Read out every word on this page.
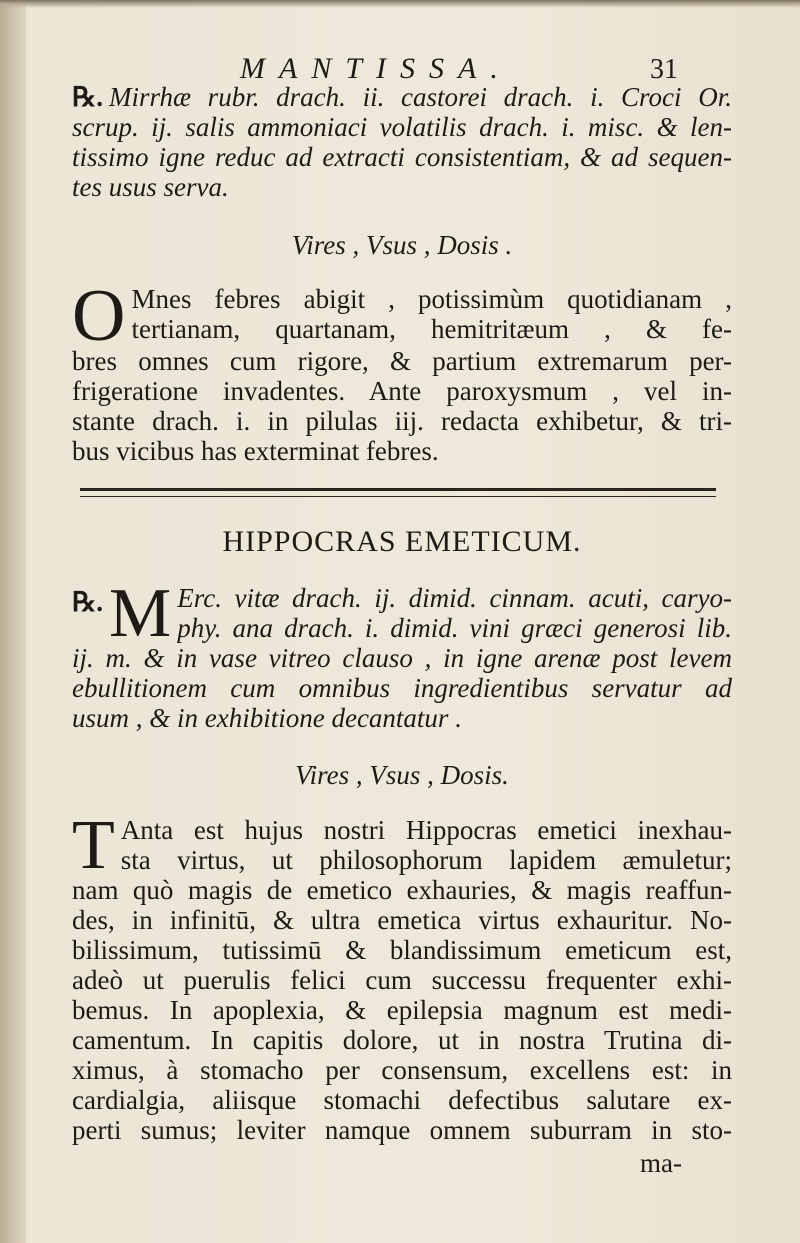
MANTISSA.	31
℞. Mirrhæ rubr. drach. ii. castorei drach. i. Croci Or.
scrup. ij. salis ammoniaci volatilis drach. i. misc. & len-
tissimo igne reduc ad extracti consistentiam, & ad sequen-
tes usus serva.
Vires , Vsus , Dosis .
O Mnes febres abigit , potissimùm quotidianam ,
tertianam, quartanam, hemitritæum , & fe-
bres omnes cum rigore, & partium extremarum per-
frigeratione invadentes. Ante paroxysmum , vel in-
stante drach. i. in pilulas iij. redacta exhibetur, & tri-
bus vicibus has exterminat febres.
HIPPOCRAS EMETICUM.
℞. M Erc. vitæ drach. ij. dimid. cinnam. acuti, caryo-
phy. ana drach. i. dimid. vini græci generosi lib.
ij. m. & in vase vitreo clauso , in igne arenæ post levem
ebullitionem cum omnibus ingredientibus servatur ad
usum , & in exhibitione decantatur .
Vires , Vsus , Dosis.
T Anta est hujus nostri Hippocras emetici inexhau-
sta virtus, ut philosophorum lapidem æmuletur;
nam quò magis de emetico exhauries, & magis reaffun-
des, in infinitū, & ultra emetica virtus exhauritur. No-
bilissimum, tutissimū & blandissimum emeticum est,
adeò ut puerulis felici cum successu frequenter exhi-
bemus. In apoplexia, & epilepsia magnum est medi-
camentum. In capitis dolore, ut in nostra Trutina di-
ximus, à stomacho per consensum, excellens est: in
cardialgia, aliisque stomachi defectibus salutare ex-
perti sumus; leviter namque omnem suburram in sto-
ma-
